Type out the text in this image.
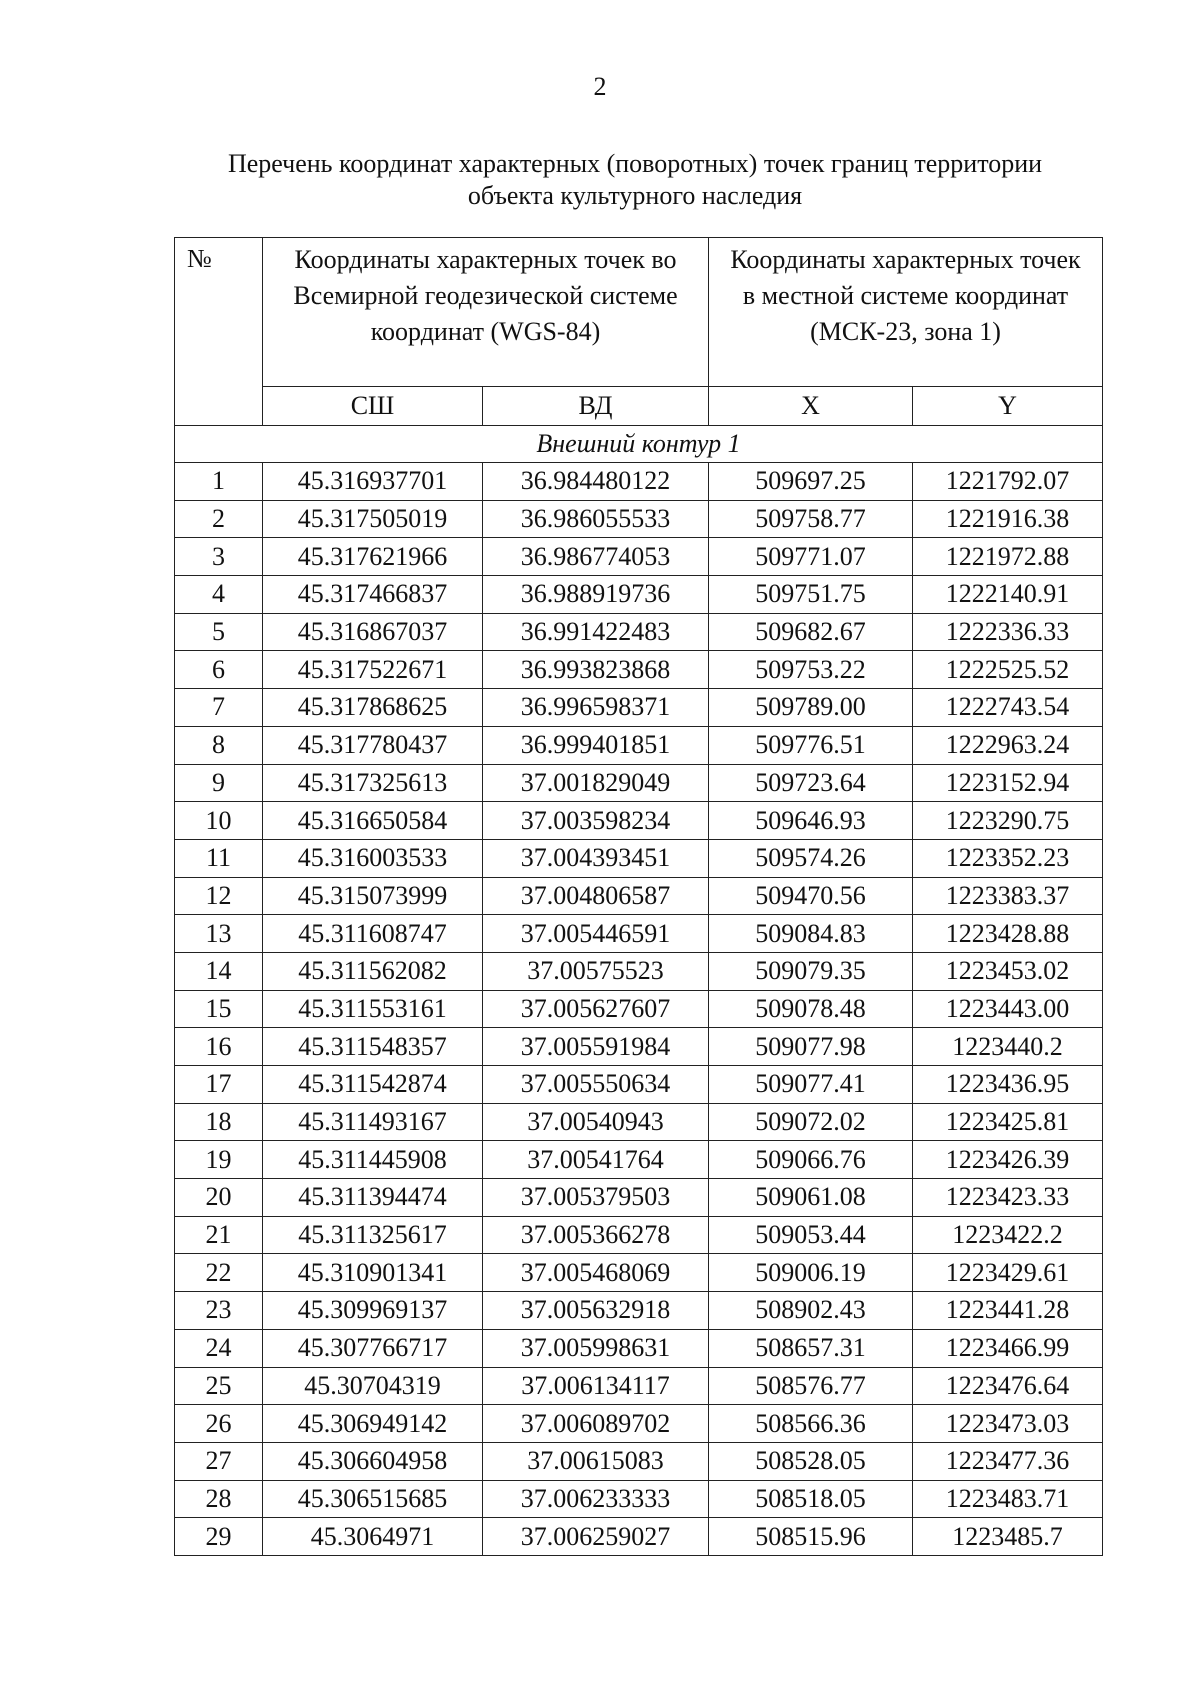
2
Перечень координат характерных (поворотных) точек границ территории
объекта культурного наследия
№	Координаты характерных точек во Всемирной геодезической системе координат (WGS-84)		Координаты характерных точек в местной системе координат (МСК-23, зона 1)	
	СШ	ВД	X	Y
Внешний контур 1				
1	45.316937701	36.984480122	509697.25	1221792.07
2	45.317505019	36.986055533	509758.77	1221916.38
3	45.317621966	36.986774053	509771.07	1221972.88
4	45.317466837	36.988919736	509751.75	1222140.91
5	45.316867037	36.991422483	509682.67	1222336.33
6	45.317522671	36.993823868	509753.22	1222525.52
7	45.317868625	36.996598371	509789.00	1222743.54
8	45.317780437	36.999401851	509776.51	1222963.24
9	45.317325613	37.001829049	509723.64	1223152.94
10	45.316650584	37.003598234	509646.93	1223290.75
11	45.316003533	37.004393451	509574.26	1223352.23
12	45.315073999	37.004806587	509470.56	1223383.37
13	45.311608747	37.005446591	509084.83	1223428.88
14	45.311562082	37.00575523	509079.35	1223453.02
15	45.311553161	37.005627607	509078.48	1223443.00
16	45.311548357	37.005591984	509077.98	1223440.2
17	45.311542874	37.005550634	509077.41	1223436.95
18	45.311493167	37.00540943	509072.02	1223425.81
19	45.311445908	37.00541764	509066.76	1223426.39
20	45.311394474	37.005379503	509061.08	1223423.33
21	45.311325617	37.005366278	509053.44	1223422.2
22	45.310901341	37.005468069	509006.19	1223429.61
23	45.309969137	37.005632918	508902.43	1223441.28
24	45.307766717	37.005998631	508657.31	1223466.99
25	45.30704319	37.006134117	508576.77	1223476.64
26	45.306949142	37.006089702	508566.36	1223473.03
27	45.306604958	37.00615083	508528.05	1223477.36
28	45.306515685	37.006233333	508518.05	1223483.71
29	45.3064971	37.006259027	508515.96	1223485.7
